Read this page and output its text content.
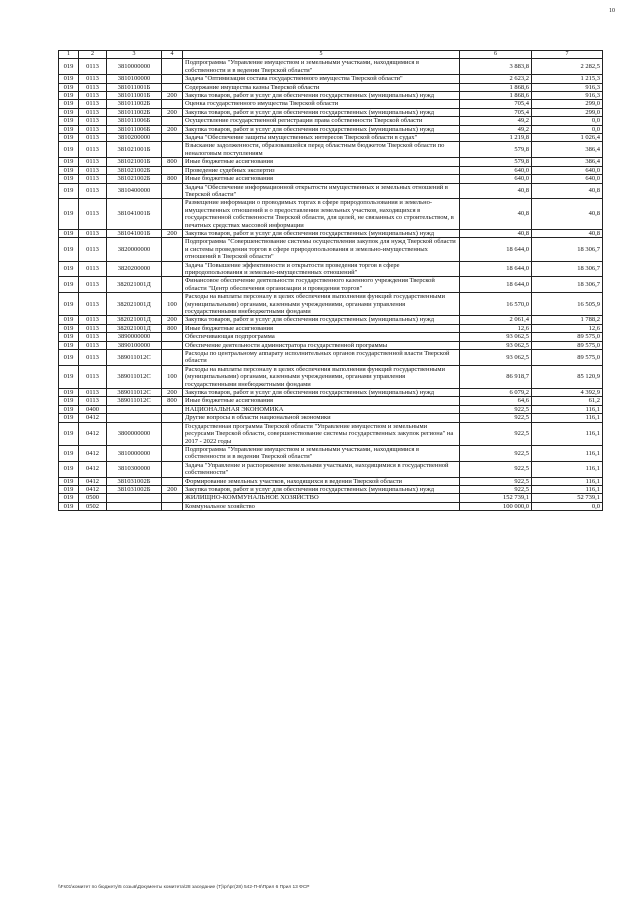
10
1	2	3	4	5	6	7
019	0113	3810000000		Подпрограмма "Управление имуществом и земельными участками, находящимися в собственности и в ведении Тверской области"	3 883,8	2 282,5
019	0113	3810100000		Задача "Оптимизация состава государственного имущества Тверской области"	2 623,2	1 215,3
019	0113	381011001Б		Содержание имущества казны Тверской области	1 868,6	916,3
019	0113	381011001Б	200	Закупка товаров, работ и услуг для обеспечения государственных (муниципальных) нужд	1 868,6	916,3
019	0113	381011002Б		Оценка государственного имущества Тверской области	705,4	299,0
019	0113	381011002Б	200	Закупка товаров, работ и услуг для обеспечения государственных (муниципальных) нужд	705,4	299,0
019	0113	381011006Б		Осуществление государственной регистрации права собственности Тверской области	49,2	0,0
019	0113	381011006Б	200	Закупка товаров, работ и услуг для обеспечения государственных (муниципальных) нужд	49,2	0,0
019	0113	3810200000		Задача "Обеспечение защиты имущественных интересов Тверской области в судах"	1 219,8	1 026,4
019	0113	381021001Б		Взыскание задолженности, образовавшейся перед областным бюджетом Тверской области по неналоговым поступлениям	579,8	386,4
019	0113	381021001Б	800	Иные бюджетные ассигнования	579,8	386,4
019	0113	381021002Б		Проведение судебных экспертиз	640,0	640,0
019	0113	381021002Б	800	Иные бюджетные ассигнования	640,0	640,0
019	0113	3810400000		Задача "Обеспечение информационной открытости имущественных и земельных отношений в Тверской области"	40,8	40,8
019	0113	381041001Б		Размещение информации о проводимых торгах в сфере природопользования и земельно-имущественных отношений и о предоставлении земельных участков, находящихся в государственной собственности Тверской области, для целей, не связанных со строительством, в печатных средствах массовой информации	40,8	40,8
019	0113	381041001Б	200	Закупка товаров, работ и услуг для обеспечения государственных (муниципальных) нужд	40,8	40,8
019	0113	3820000000		Подпрограмма "Совершенствование системы осуществления закупок для нужд Тверской области и системы проведения торгов в сфере природопользования и земельно-имущественных отношений в Тверской области"	18 644,0	18 306,7
019	0113	3820200000		Задача "Повышение эффективности и открытости проведения торгов в сфере природопользования и земельно-имущественных отношений"	18 644,0	18 306,7
019	0113	382021001Д		Финансовое обеспечение деятельности государственного казенного учреждения Тверской области "Центр обеспечения организации и проведения торгов"	18 644,0	18 306,7
019	0113	382021001Д	100	Расходы на выплаты персоналу в целях обеспечения выполнения функций государственными (муниципальными) органами, казенными учреждениями, органами управления государственными внебюджетными фондами	16 570,0	16 505,9
019	0113	382021001Д	200	Закупка товаров, работ и услуг для обеспечения государственных (муниципальных) нужд	2 061,4	1 788,2
019	0113	382021001Д	800	Иные бюджетные ассигнования	12,6	12,6
019	0113	3890000000		Обеспечивающая подпрограмма	93 062,5	89 575,0
019	0113	3890100000		Обеспечение деятельности администратора государственной программы	93 062,5	89 575,0
019	0113	389011012С		Расходы по центральному аппарату исполнительных органов государственной власти Тверской области	93 062,5	89 575,0
019	0113	389011012С	100	Расходы на выплаты персоналу в целях обеспечения выполнения функций государственными (муниципальными) органами, казенными учреждениями, органами управления государственными внебюджетными фондами	86 918,7	85 120,9
019	0113	389011012С	200	Закупка товаров, работ и услуг для обеспечения государственных (муниципальных) нужд	6 079,2	4 392,9
019	0113	389011012С	800	Иные бюджетные ассигнования	64,6	61,2
019	0400			НАЦИОНАЛЬНАЯ ЭКОНОМИКА	922,5	116,1
019	0412			Другие вопросы в области национальной экономики	922,5	116,1
019	0412	3800000000		Государственная программа Тверской области "Управление имуществом и земельными ресурсами Тверской области, совершенствование системы государственных закупок региона" на 2017 - 2022 годы	922,5	116,1
019	0412	3810000000		Подпрограмма "Управление имуществом и земельными участками, находящимися в собственности и в ведении Тверской области"	922,5	116,1
019	0412	3810300000		Задача "Управление и распоряжение земельными участками, находящимися в государственной собственности"	922,5	116,1
019	0412	381031002Б		Формирование земельных участков, находящихся в ведении Тверской области	922,5	116,1
019	0412	381031002Б	200	Закупка товаров, работ и услуг для обеспечения государственных (муниципальных) нужд	922,5	116,1
019	0500			ЖИЛИЩНО-КОММУНАЛЬНОЕ ХОЗЯЙСТВО	152 739,1	52 739,1
019	0502			Коммунальное хозяйство	100 000,0	0,0
\\Fs01\комитет по бюджету\5 созыв\Документы комитета\28 заседание (Т)\рг\рг(28) 542-П-6\Прил 6 Прил 13 ФСР
